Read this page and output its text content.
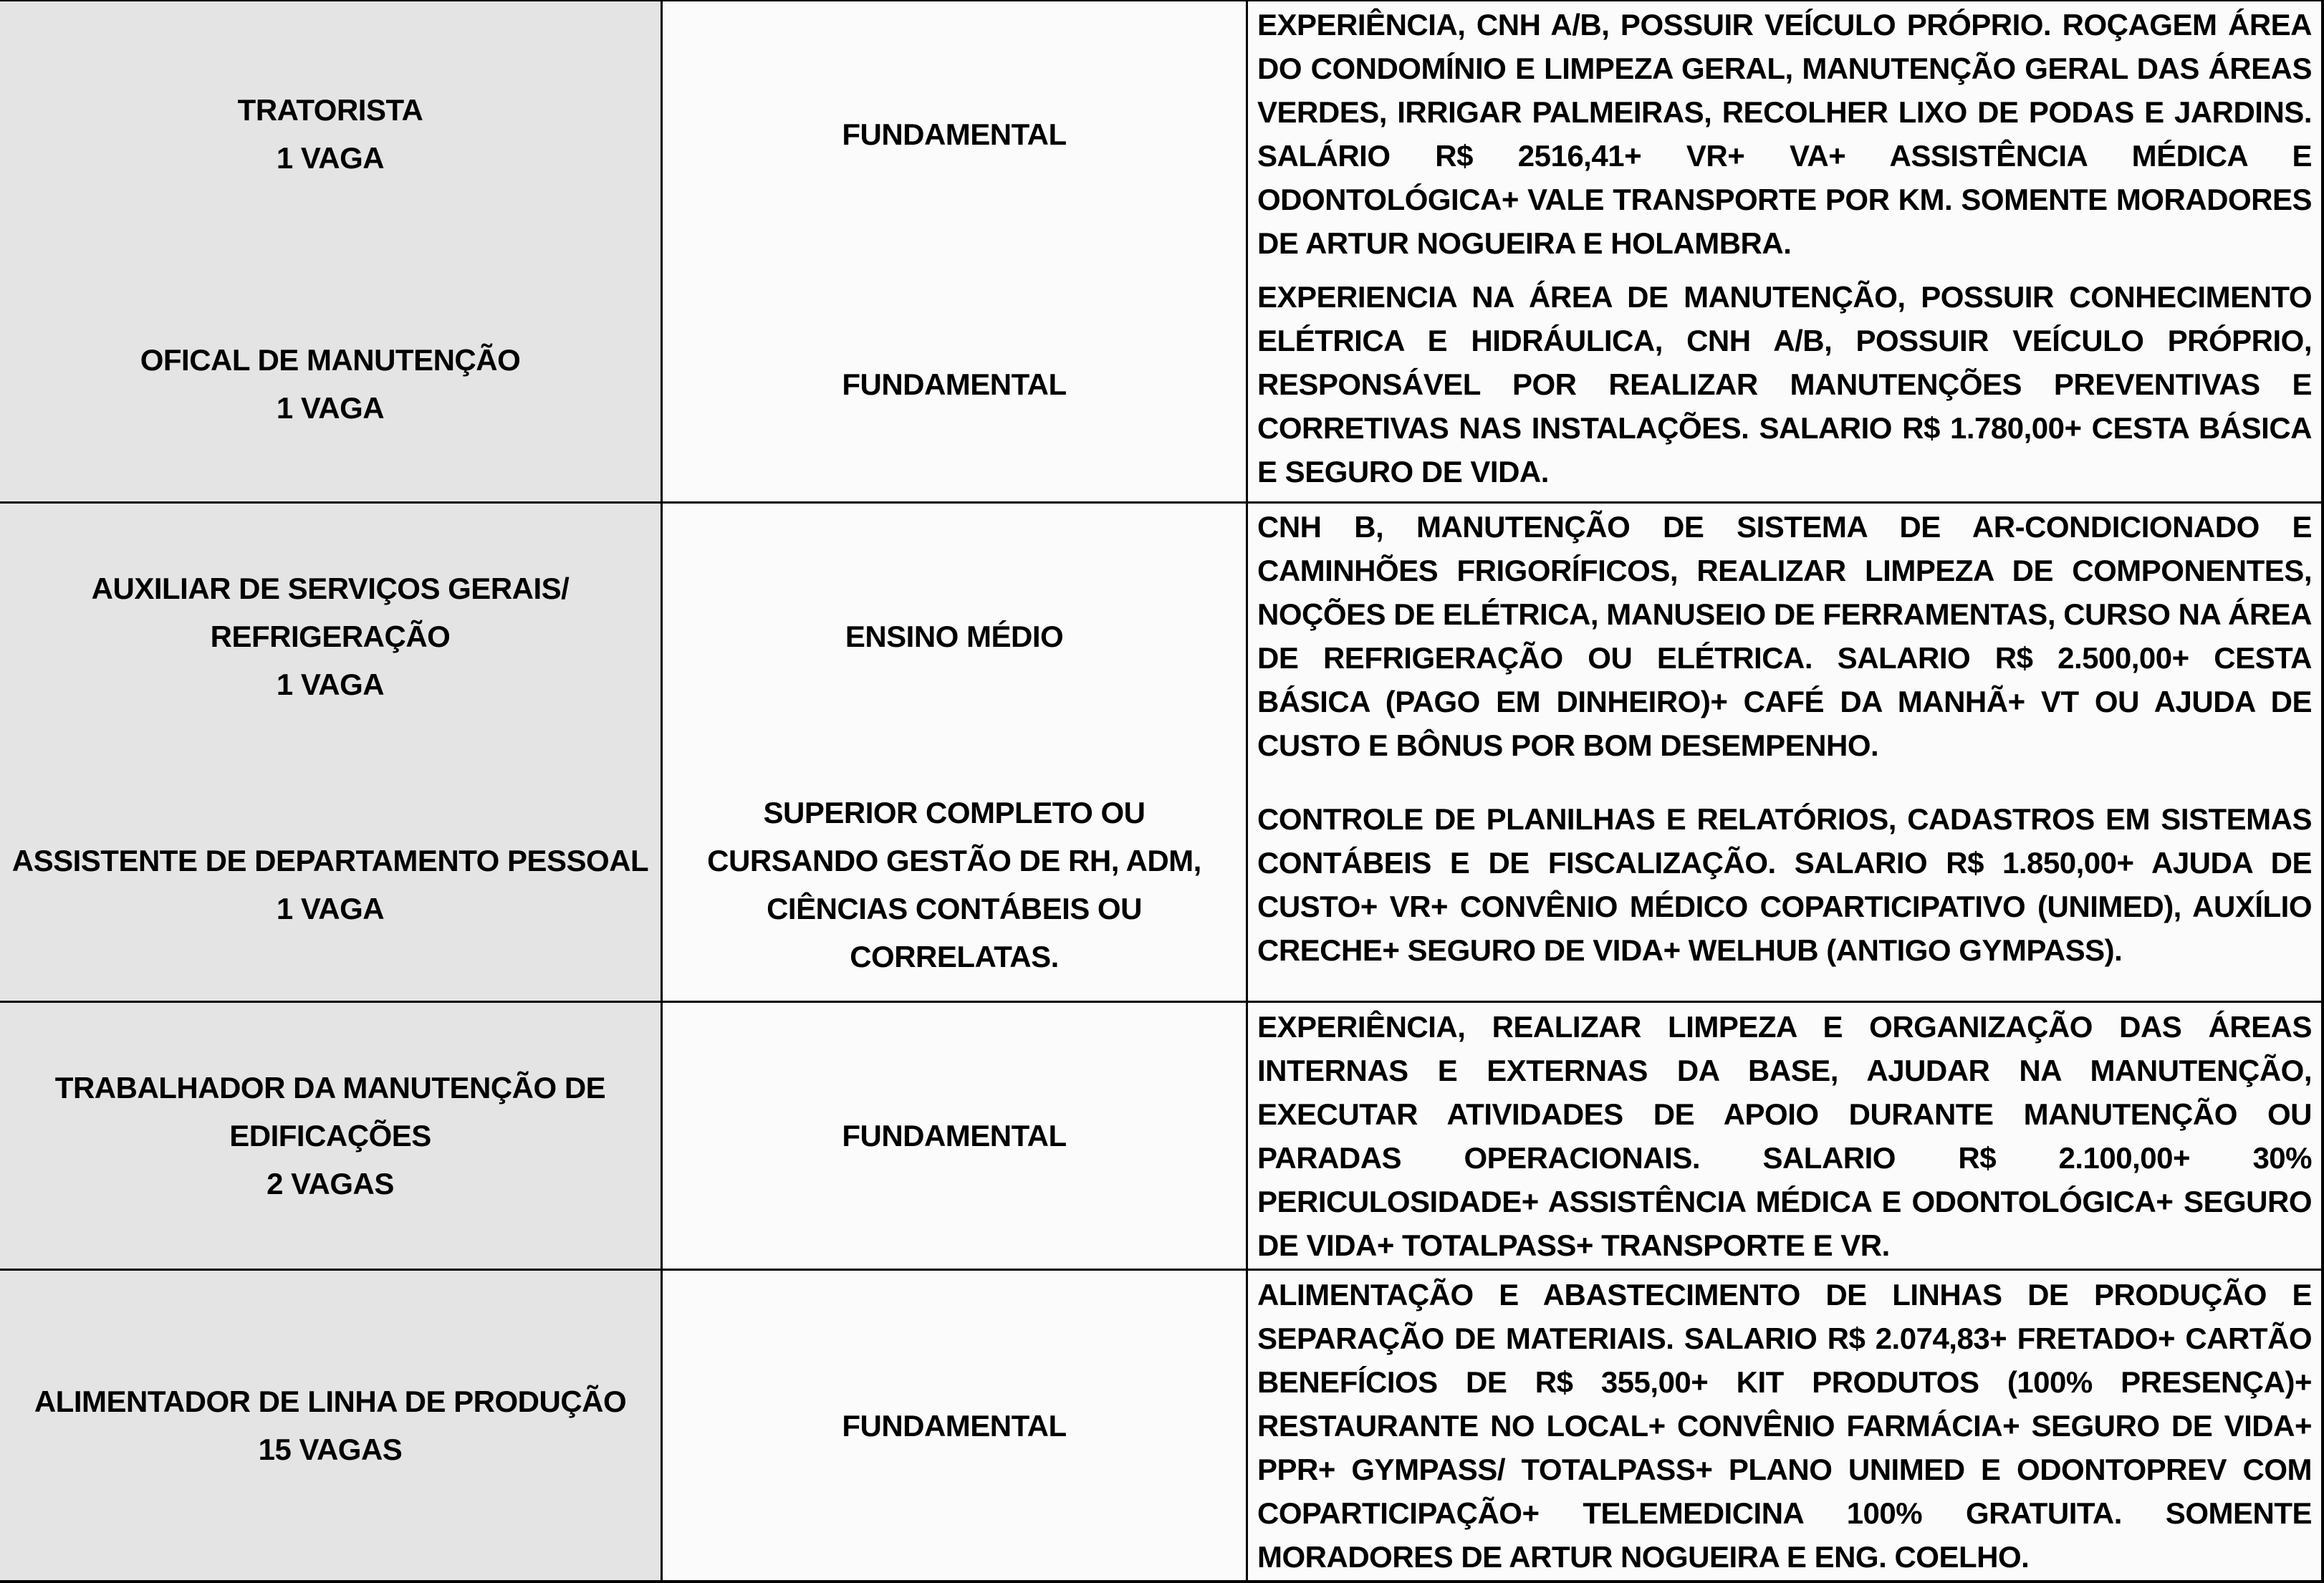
TRATORISTA
1 VAGA
FUNDAMENTAL
EXPERIÊNCIA, CNH A/B, POSSUIR VEÍCULO PRÓPRIO. ROÇAGEM ÁREA DO CONDOMÍNIO E LIMPEZA GERAL, MANUTENÇÃO GERAL DAS ÁREAS VERDES, IRRIGAR PALMEIRAS, RECOLHER LIXO DE PODAS E JARDINS. SALÁRIO R$ 2516,41+ VR+ VA+ ASSISTÊNCIA MÉDICA E ODONTOLÓGICA+ VALE TRANSPORTE POR KM. SOMENTE MORADORES DE ARTUR NOGUEIRA E HOLAMBRA.
OFICAL DE MANUTENÇÃO
1 VAGA
FUNDAMENTAL
EXPERIENCIA NA ÁREA DE MANUTENÇÃO, POSSUIR CONHECIMENTO ELÉTRICA E HIDRÁULICA, CNH A/B, POSSUIR VEÍCULO PRÓPRIO, RESPONSÁVEL POR REALIZAR MANUTENÇÕES PREVENTIVAS E CORRETIVAS NAS INSTALAÇÕES. SALARIO R$ 1.780,00+ CESTA BÁSICA E SEGURO DE VIDA.
AUXILIAR DE SERVIÇOS GERAIS/ REFRIGERAÇÃO
1 VAGA
ENSINO MÉDIO
CNH B, MANUTENÇÃO DE SISTEMA DE AR-CONDICIONADO E CAMINHÕES FRIGORÍFICOS, REALIZAR LIMPEZA DE COMPONENTES, NOÇÕES DE ELÉTRICA, MANUSEIO DE FERRAMENTAS, CURSO NA ÁREA DE REFRIGERAÇÃO OU ELÉTRICA. SALARIO R$ 2.500,00+ CESTA BÁSICA (PAGO EM DINHEIRO)+ CAFÉ DA MANHÃ+ VT OU AJUDA DE CUSTO E BÔNUS POR BOM DESEMPENHO.
ASSISTENTE DE DEPARTAMENTO PESSOAL
1 VAGA
SUPERIOR COMPLETO OU CURSANDO GESTÃO DE RH, ADM, CIÊNCIAS CONTÁBEIS OU CORRELATAS.
CONTROLE DE PLANILHAS E RELATÓRIOS, CADASTROS EM SISTEMAS CONTÁBEIS E DE FISCALIZAÇÃO. SALARIO R$ 1.850,00+ AJUDA DE CUSTO+ VR+ CONVÊNIO MÉDICO COPARTICIPATIVO (UNIMED), AUXÍLIO CRECHE+ SEGURO DE VIDA+ WELHUB (ANTIGO GYMPASS).
TRABALHADOR DA MANUTENÇÃO DE EDIFICAÇÕES
2 VAGAS
FUNDAMENTAL
EXPERIÊNCIA, REALIZAR LIMPEZA E ORGANIZAÇÃO DAS ÁREAS INTERNAS E EXTERNAS DA BASE, AJUDAR NA MANUTENÇÃO, EXECUTAR ATIVIDADES DE APOIO DURANTE MANUTENÇÃO OU PARADAS OPERACIONAIS. SALARIO R$ 2.100,00+ 30% PERICULOSIDADE+ ASSISTÊNCIA MÉDICA E ODONTOLÓGICA+ SEGURO DE VIDA+ TOTALPASS+ TRANSPORTE E VR.
ALIMENTADOR DE LINHA DE PRODUÇÃO
15 VAGAS
FUNDAMENTAL
ALIMENTAÇÃO E ABASTECIMENTO DE LINHAS DE PRODUÇÃO E SEPARAÇÃO DE MATERIAIS. SALARIO R$ 2.074,83+ FRETADO+ CARTÃO BENEFÍCIOS DE R$ 355,00+ KIT PRODUTOS (100% PRESENÇA)+ RESTAURANTE NO LOCAL+ CONVÊNIO FARMÁCIA+ SEGURO DE VIDA+ PPR+ GYMPASS/ TOTALPASS+ PLANO UNIMED E ODONTOPREV COM COPARTICIPAÇÃO+ TELEMEDICINA 100% GRATUITA. SOMENTE MORADORES DE ARTUR NOGUEIRA E ENG. COELHO.
